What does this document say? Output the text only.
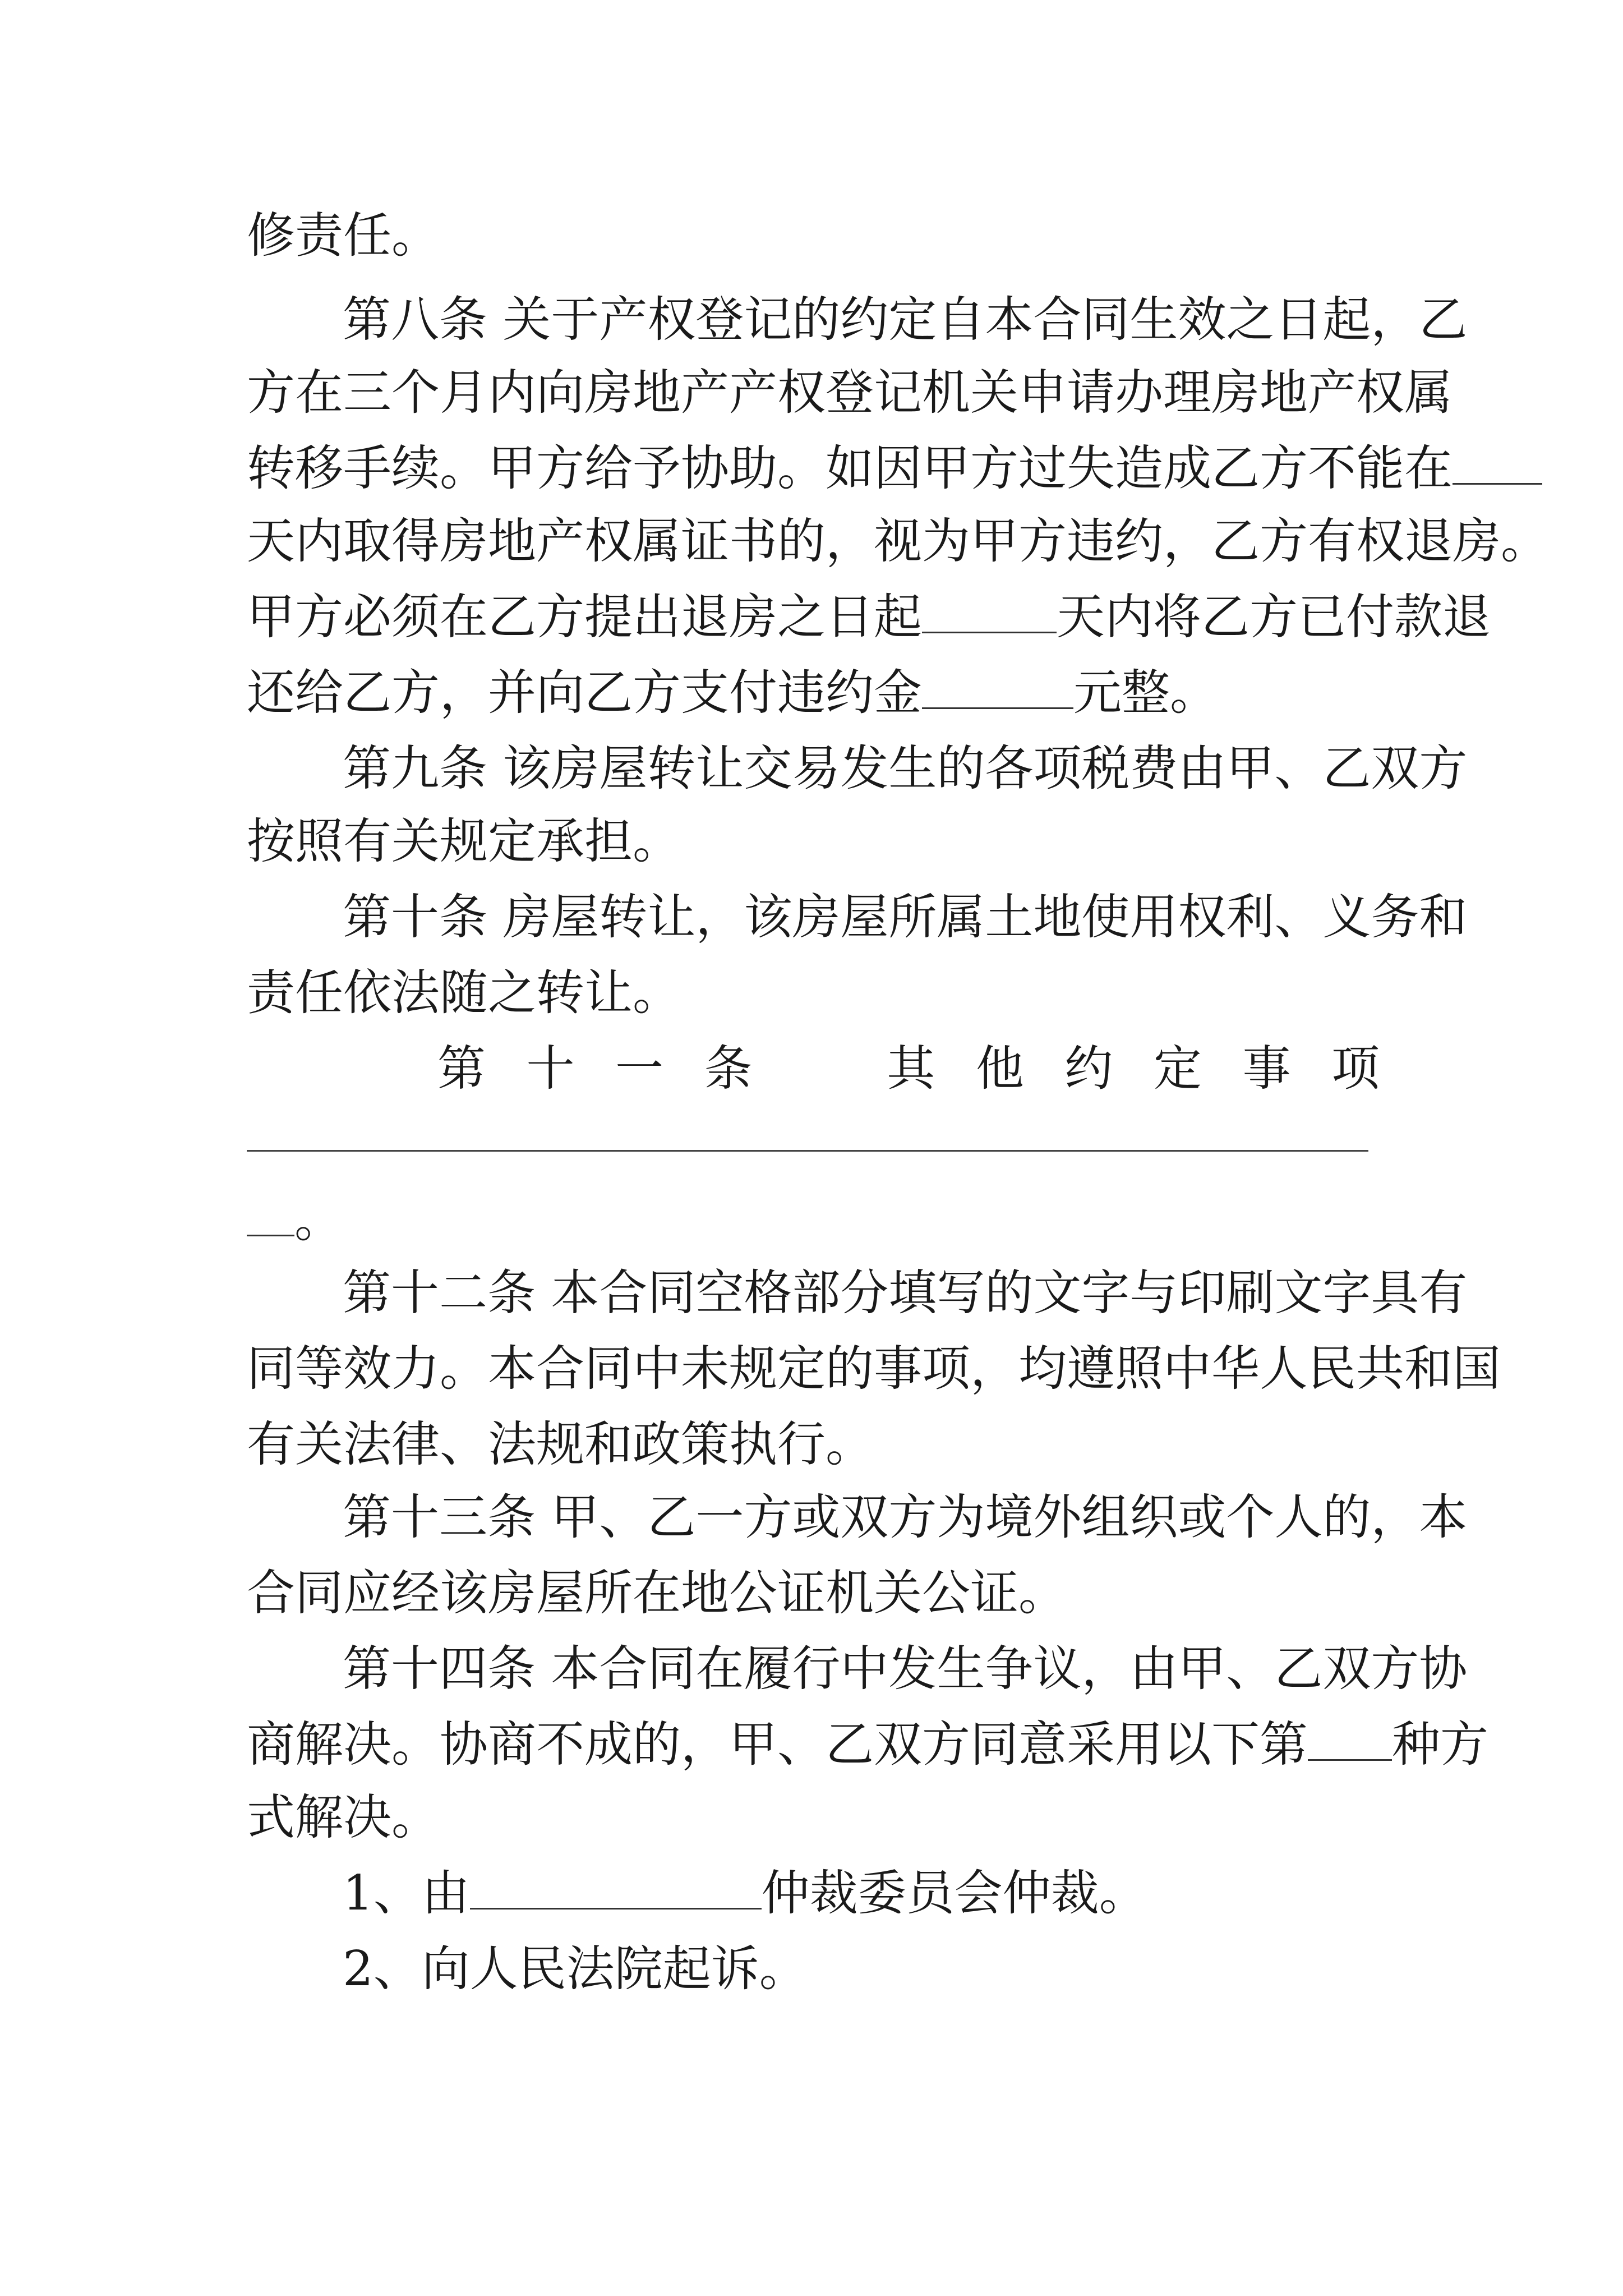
修责任。
第八条 关于产权登记的约定自本合同生效之日起，乙
方在三个月内向房地产产权登记机关申请办理房地产权属
转移手续。甲方给予协助。如因甲方过失造成乙方不能在
天内取得房地产权属证书的，视为甲方违约，乙方有权退房。
甲方必须在乙方提出退房之日起	天内将乙方已付款退
还给乙方，并向乙方支付违约金	元整。
第九条 该房屋转让交易发生的各项税费由甲、乙双方
按照有关规定承担。
第十条 房屋转让，该房屋所属土地使用权利、义务和
责任依法随之转让。
第 十 一 条　　其 他 约 定 事 项
。
第十二条 本合同空格部分填写的文字与印刷文字具有
同等效力。本合同中未规定的事项，均遵照中华人民共和国
有关法律、法规和政策执行。
第十三条 甲、乙一方或双方为境外组织或个人的，本
合同应经该房屋所在地公证机关公证。
第十四条 本合同在履行中发生争议，由甲、乙双方协
商解决。协商不成的，甲、乙双方同意采用以下第 种方
式解决。
1、由	仲裁委员会仲裁。
2、向人民法院起诉。
